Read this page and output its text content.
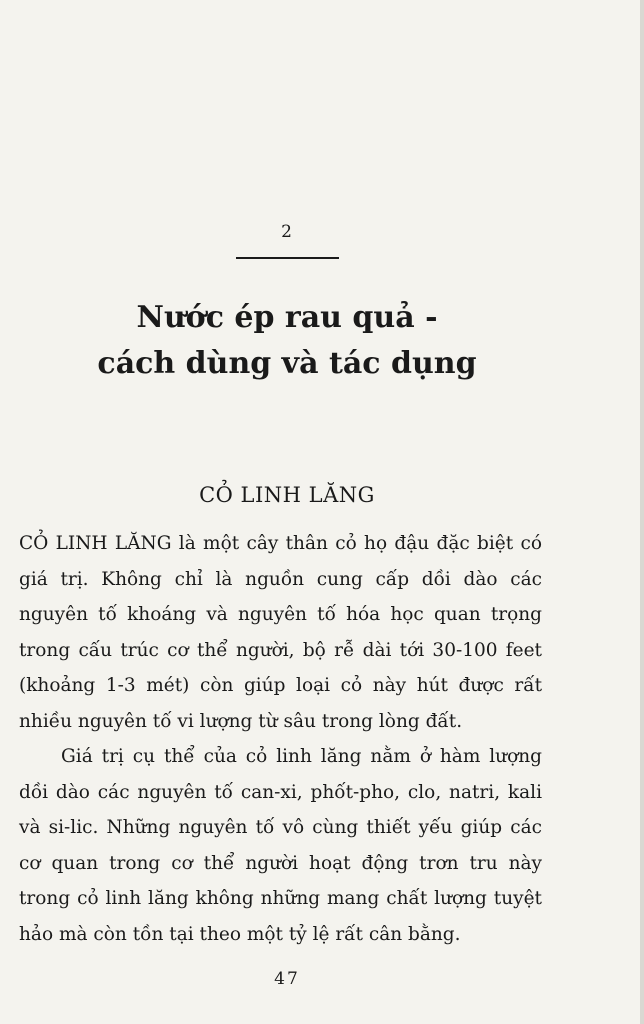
2
Nước ép rau quả -
cách dùng và tác dụng
CỎ LINH LĂNG

CỎ LINH LĂNG là một cây thân cỏ họ đậu đặc biệt có giá trị. Không chỉ là nguồn cung cấp dồi dào các nguyên tố khoáng và nguyên tố hóa học quan trọng trong cấu trúc cơ thể người, bộ rễ dài tới 30-100 feet (khoảng 1-3 mét) còn giúp loại cỏ này hút được rất nhiều nguyên tố vi lượng từ sâu trong lòng đất.

Giá trị cụ thể của cỏ linh lăng nằm ở hàm lượng dồi dào các nguyên tố can-xi, phốt-pho, clo, natri, kali và si-lic. Những nguyên tố vô cùng thiết yếu giúp các cơ quan trong cơ thể người hoạt động trơn tru này trong cỏ linh lăng không những mang chất lượng tuyệt hảo mà còn tồn tại theo một tỷ lệ rất cân bằng.

47
